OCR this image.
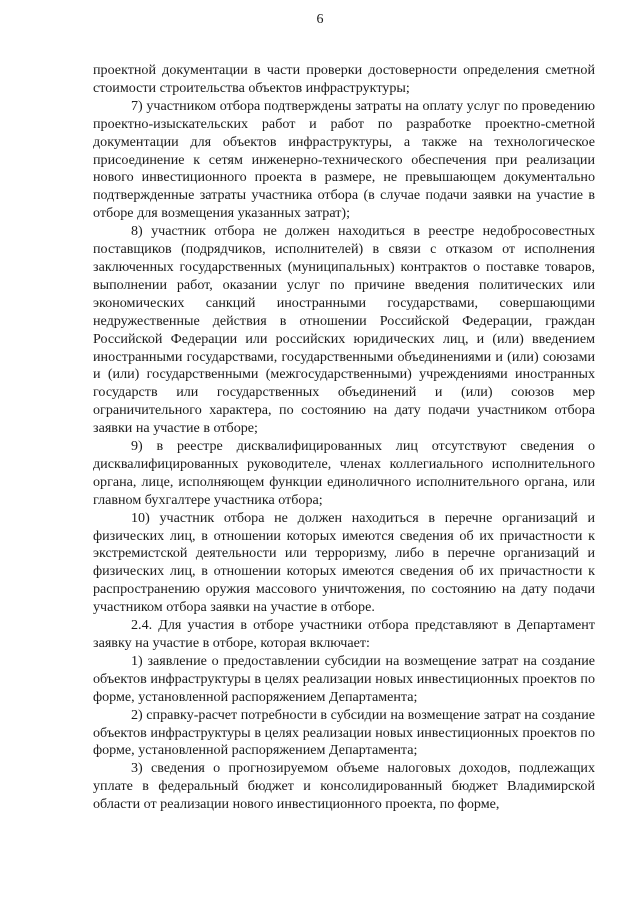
6

проектной документации в части проверки достоверности определения сметной стоимости строительства объектов инфраструктуры;

7) участником отбора подтверждены затраты на оплату услуг по проведению проектно-изыскательских работ и работ по разработке проектно-сметной документации для объектов инфраструктуры, а также на технологическое присоединение к сетям инженерно-технического обеспечения при реализации нового инвестиционного проекта в размере, не превышающем документально подтвержденные затраты участника отбора (в случае подачи заявки на участие в отборе для возмещения указанных затрат);

8) участник отбора не должен находиться в реестре недобросовестных поставщиков (подрядчиков, исполнителей) в связи с отказом от исполнения заключенных государственных (муниципальных) контрактов о поставке товаров, выполнении работ, оказании услуг по причине введения политических или экономических санкций иностранными государствами, совершающими недружественные действия в отношении Российской Федерации, граждан Российской Федерации или российских юридических лиц, и (или) введением иностранными государствами, государственными объединениями и (или) союзами и (или) государственными (межгосударственными) учреждениями иностранных государств или государственных объединений и (или) союзов мер ограничительного характера, по состоянию на дату подачи участником отбора заявки на участие в отборе;

9) в реестре дисквалифицированных лиц отсутствуют сведения о дисквалифицированных руководителе, членах коллегиального исполнительного органа, лице, исполняющем функции единоличного исполнительного органа, или главном бухгалтере участника отбора;

10) участник отбора не должен находиться в перечне организаций и физических лиц, в отношении которых имеются сведения об их причастности к экстремистской деятельности или терроризму, либо в перечне организаций и физических лиц, в отношении которых имеются сведения об их причастности к распространению оружия массового уничтожения, по состоянию на дату подачи участником отбора заявки на участие в отборе.

2.4. Для участия в отборе участники отбора представляют в Департамент заявку на участие в отборе, которая включает:

1) заявление о предоставлении субсидии на возмещение затрат на создание объектов инфраструктуры в целях реализации новых инвестиционных проектов по форме, установленной распоряжением Департамента;

2) справку-расчет потребности в субсидии на возмещение затрат на создание объектов инфраструктуры в целях реализации новых инвестиционных проектов по форме, установленной распоряжением Департамента;

3) сведения о прогнозируемом объеме налоговых доходов, подлежащих уплате в федеральный бюджет и консолидированный бюджет Владимирской области от реализации нового инвестиционного проекта, по форме,
